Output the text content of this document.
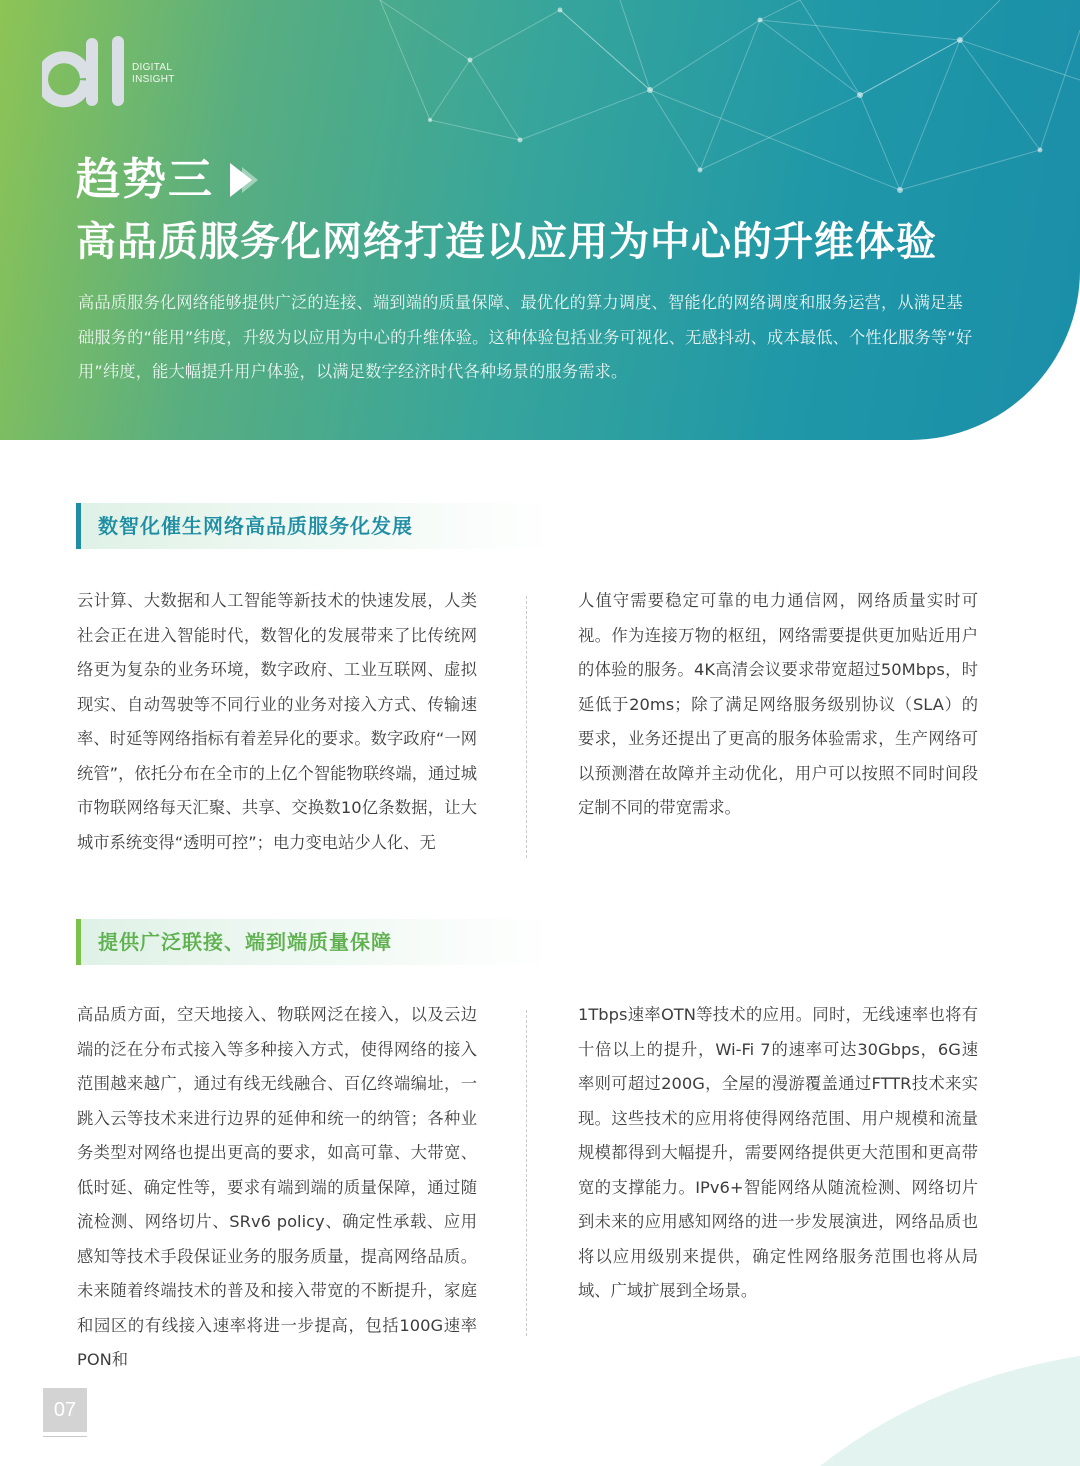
DIGITAL
INSIGHT
趋势三
高品质服务化网络打造以应用为中心的升维体验
高品质服务化网络能够提供广泛的连接、端到端的质量保障、最优化的算力调度、智能化的网络调度和服务运营，从满足基础服务的“能用”纬度，升级为以应用为中心的升维体验。这种体验包括业务可视化、无感抖动、成本最低、个性化服务等“好用”纬度，能大幅提升用户体验，以满足数字经济时代各种场景的服务需求。
数智化催生网络高品质服务化发展

云计算、大数据和人工智能等新技术的快速发展，人类社会正在进入智能时代，数智化的发展带来了比传统网络更为复杂的业务环境，数字政府、工业互联网、虚拟现实、自动驾驶等不同行业的业务对接入方式、传输速率、时延等网络指标有着差异化的要求。数字政府“一网统管”，依托分布在全市的上亿个智能物联终端，通过城市物联网络每天汇聚、共享、交换数10亿条数据，让大城市系统变得“透明可控”；电力变电站少人化、无

人值守需要稳定可靠的电力通信网，网络质量实时可视。作为连接万物的枢纽，网络需要提供更加贴近用户的体验的服务。4K高清会议要求带宽超过50Mbps，时延低于20ms；除了满足网络服务级别协议（SLA）的要求，业务还提出了更高的服务体验需求，生产网络可以预测潜在故障并主动优化，用户可以按照不同时间段定制不同的带宽需求。

提供广泛联接、端到端质量保障

高品质方面，空天地接入、物联网泛在接入，以及云边端的泛在分布式接入等多种接入方式，使得网络的接入范围越来越广，通过有线无线融合、百亿终端编址，一跳入云等技术来进行边界的延伸和统一的纳管；各种业务类型对网络也提出更高的要求，如高可靠、大带宽、低时延、确定性等，要求有端到端的质量保障，通过随流检测、网络切片、SRv6 policy、确定性承载、应用感知等技术手段保证业务的服务质量，提高网络品质。未来随着终端技术的普及和接入带宽的不断提升，家庭和园区的有线接入速率将进一步提高，包括100G速率PON和

1Tbps速率OTN等技术的应用。同时，无线速率也将有十倍以上的提升，Wi-Fi 7的速率可达30Gbps，6G速率则可超过200G，全屋的漫游覆盖通过FTTR技术来实现。这些技术的应用将使得网络范围、用户规模和流量规模都得到大幅提升，需要网络提供更大范围和更高带宽的支撑能力。IPv6+智能网络从随流检测、网络切片到未来的应用感知网络的进一步发展演进，网络品质也将以应用级别来提供，确定性网络服务范围也将从局域、广域扩展到全场景。

07
